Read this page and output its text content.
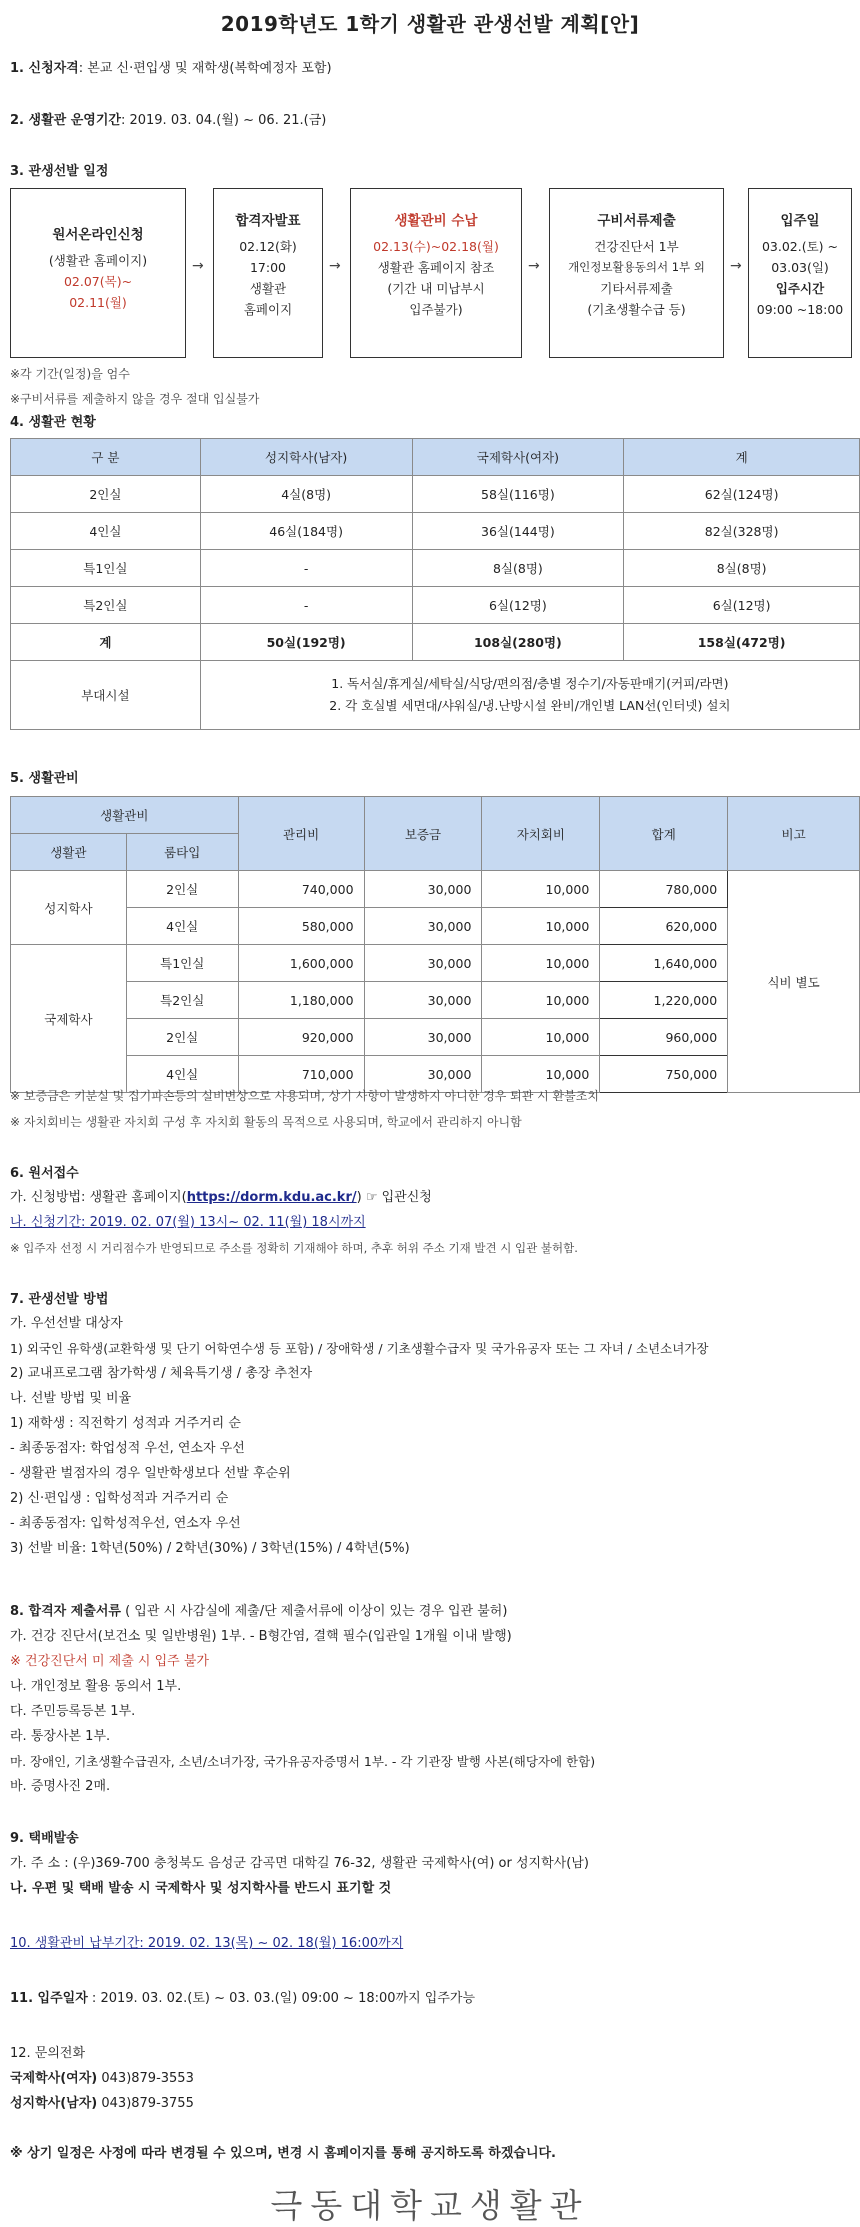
2019학년도 1학기 생활관 관생선발 계획[안]
1. 신청자격: 본교 신·편입생 및 재학생(복학예정자 포함)
2. 생활관 운영기간: 2019. 03. 04.(월) ~ 06. 21.(금)
3. 관생선발 일정
원서온라인신청
(생활관 홈페이지)
02.07(목)~
02.11(월)
→
합격자발표
02.12(화)
17:00
생활관
홈페이지
→
생활관비 수납
02.13(수)~02.18(월)
생활관 홈페이지 참조
(기간 내 미납부시
입주불가)
→
구비서류제출
건강진단서 1부
개인정보활용동의서 1부 외
기타서류제출
(기초생활수급 등)
→
입주일
03.02.(토) ~
03.03(일)
입주시간
09:00 ~18:00
※각 기간(일정)을 엄수
※구비서류를 제출하지 않을 경우 절대 입실불가
4. 생활관 현황
구 분	성지학사(남자)	국제학사(여자)	계
2인실	4실(8명)	58실(116명)	62실(124명)
4인실	46실(184명)	36실(144명)	82실(328명)
특1인실	-	8실(8명)	8실(8명)
특2인실	-	6실(12명)	6실(12명)
계	50실(192명)	108실(280명)	158실(472명)
부대시설	1. 독서실/휴게실/세탁실/식당/편의점/층별 정수기/자동판매기(커피/라면)
2. 각 호실별 세면대/샤워실/냉.난방시설 완비/개인별 LAN선(인터넷) 설치		
5. 생활관비
생활관비		관리비	보증금	자치회비	합계	비고
생활관	룸타입					
성지학사	2인실	740,000	30,000	10,000	780,000	식비 별도
	4인실	580,000	30,000	10,000	620,000	
국제학사	특1인실	1,600,000	30,000	10,000	1,640,000	
	특2인실	1,180,000	30,000	10,000	1,220,000	
	2인실	920,000	30,000	10,000	960,000	
	4인실	710,000	30,000	10,000	750,000	
※ 보증금은 키분실 및 집기파손등의 실비변상으로 사용되며, 상기 사항이 발생하지 아니한 경우 퇴관 시 환불조치
※ 자치회비는 생활관 자치회 구성 후 자치회 활동의 목적으로 사용되며, 학교에서 관리하지 아니함
6. 원서접수
가. 신청방법: 생활관 홈페이지(https://dorm.kdu.ac.kr/) ☞ 입관신청
나. 신청기간: 2019. 02. 07(월) 13시~ 02. 11(월) 18시까지
※ 입주자 선정 시 거리점수가 반영되므로 주소를 정확히 기재해야 하며, 추후 허위 주소 기재 발견 시 입관 불허함.
7. 관생선발 방법
가. 우선선발 대상자
1) 외국인 유학생(교환학생 및 단기 어학연수생 등 포함) / 장애학생 / 기초생활수급자 및 국가유공자 또는 그 자녀 / 소년소녀가장
2) 교내프로그램 참가학생 / 체육특기생 / 총장 추천자
나. 선발 방법 및 비율
1) 재학생 : 직전학기 성적과 거주거리 순
- 최종동점자: 학업성적 우선, 연소자 우선
- 생활관 벌점자의 경우 일반학생보다 선발 후순위
2) 신·편입생 : 입학성적과 거주거리 순
- 최종동점자: 입학성적우선, 연소자 우선
3) 선발 비율: 1학년(50%) / 2학년(30%) / 3학년(15%) / 4학년(5%)
8. 합격자 제출서류 ( 입관 시 사감실에 제출/단 제출서류에 이상이 있는 경우 입관 불허)
가. 건강 진단서(보건소 및 일반병원) 1부. - B형간염, 결핵 필수(입관일 1개월 이내 발행)
※ 건강진단서 미 제출 시 입주 불가
나. 개인정보 활용 동의서 1부.
다. 주민등록등본 1부.
라. 통장사본 1부.
마. 장애인, 기초생활수급권자, 소년/소녀가장, 국가유공자증명서 1부. - 각 기관장 발행 사본(해당자에 한함)
바. 증명사진 2매.
9. 택배발송
가. 주 소 : (우)369-700 충청북도 음성군 감곡면 대학길 76-32, 생활관 국제학사(여) or 성지학사(남)
나. 우편 및 택배 발송 시 국제학사 및 성지학사를 반드시 표기할 것
10. 생활관비 납부기간: 2019. 02. 13(목) ~ 02. 18(월) 16:00까지
11. 입주일자 : 2019. 03. 02.(토) ~ 03. 03.(일) 09:00 ~ 18:00까지 입주가능
12. 문의전화
국제학사(여자) 043)879-3553
성지학사(남자) 043)879-3755
※ 상기 일정은 사정에 따라 변경될 수 있으며, 변경 시 홈페이지를 통해 공지하도록 하겠습니다.
극동대학교생활관
